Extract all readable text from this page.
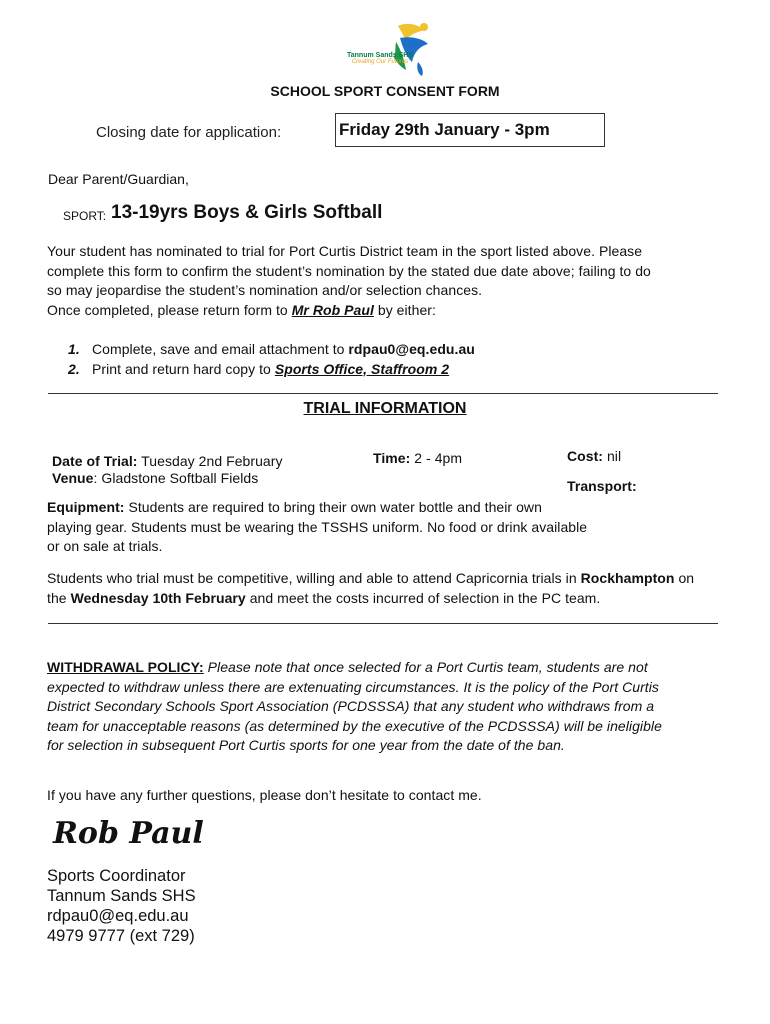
Tannum Sands SHS
Creating Our Futures
SCHOOL SPORT CONSENT FORM
Closing date for application:	Friday 29th January - 3pm
Dear Parent/Guardian,
SPORT: 13-19yrs Boys & Girls Softball
Your student has nominated to trial for Port Curtis District team in the sport listed above. Please
complete this form to confirm the student’s nomination by the stated due date above; failing to do
so may jeopardise the student’s nomination and/or selection chances.
Once completed, please return form to Mr Rob Paul by either:
1. Complete, save and email attachment to rdpau0@eq.edu.au
2. Print and return hard copy to Sports Office, Staffroom 2
TRIAL INFORMATION
Date of Trial: Tuesday 2nd February
Venue: Gladstone Softball Fields
Time: 2 - 4pm	Cost: nil
Transport:
Equipment: Students are required to bring their own water bottle and their own
playing gear. Students must be wearing the TSSHS uniform. No food or drink available
or on sale at trials.
Students who trial must be competitive, willing and able to attend Capricornia trials in Rockhampton on
the Wednesday 10th February and meet the costs incurred of selection in the PC team.
WITHDRAWAL POLICY: Please note that once selected for a Port Curtis team, students are not
expected to withdraw unless there are extenuating circumstances. It is the policy of the Port Curtis
District Secondary Schools Sport Association (PCDSSSA) that any student who withdraws from a
team for unacceptable reasons (as determined by the executive of the PCDSSSA) will be ineligible
for selection in subsequent Port Curtis sports for one year from the date of the ban.
If you have any further questions, please don’t hesitate to contact me.
Rob Paul
Sports Coordinator
Tannum Sands SHS
rdpau0@eq.edu.au
4979 9777 (ext 729)
